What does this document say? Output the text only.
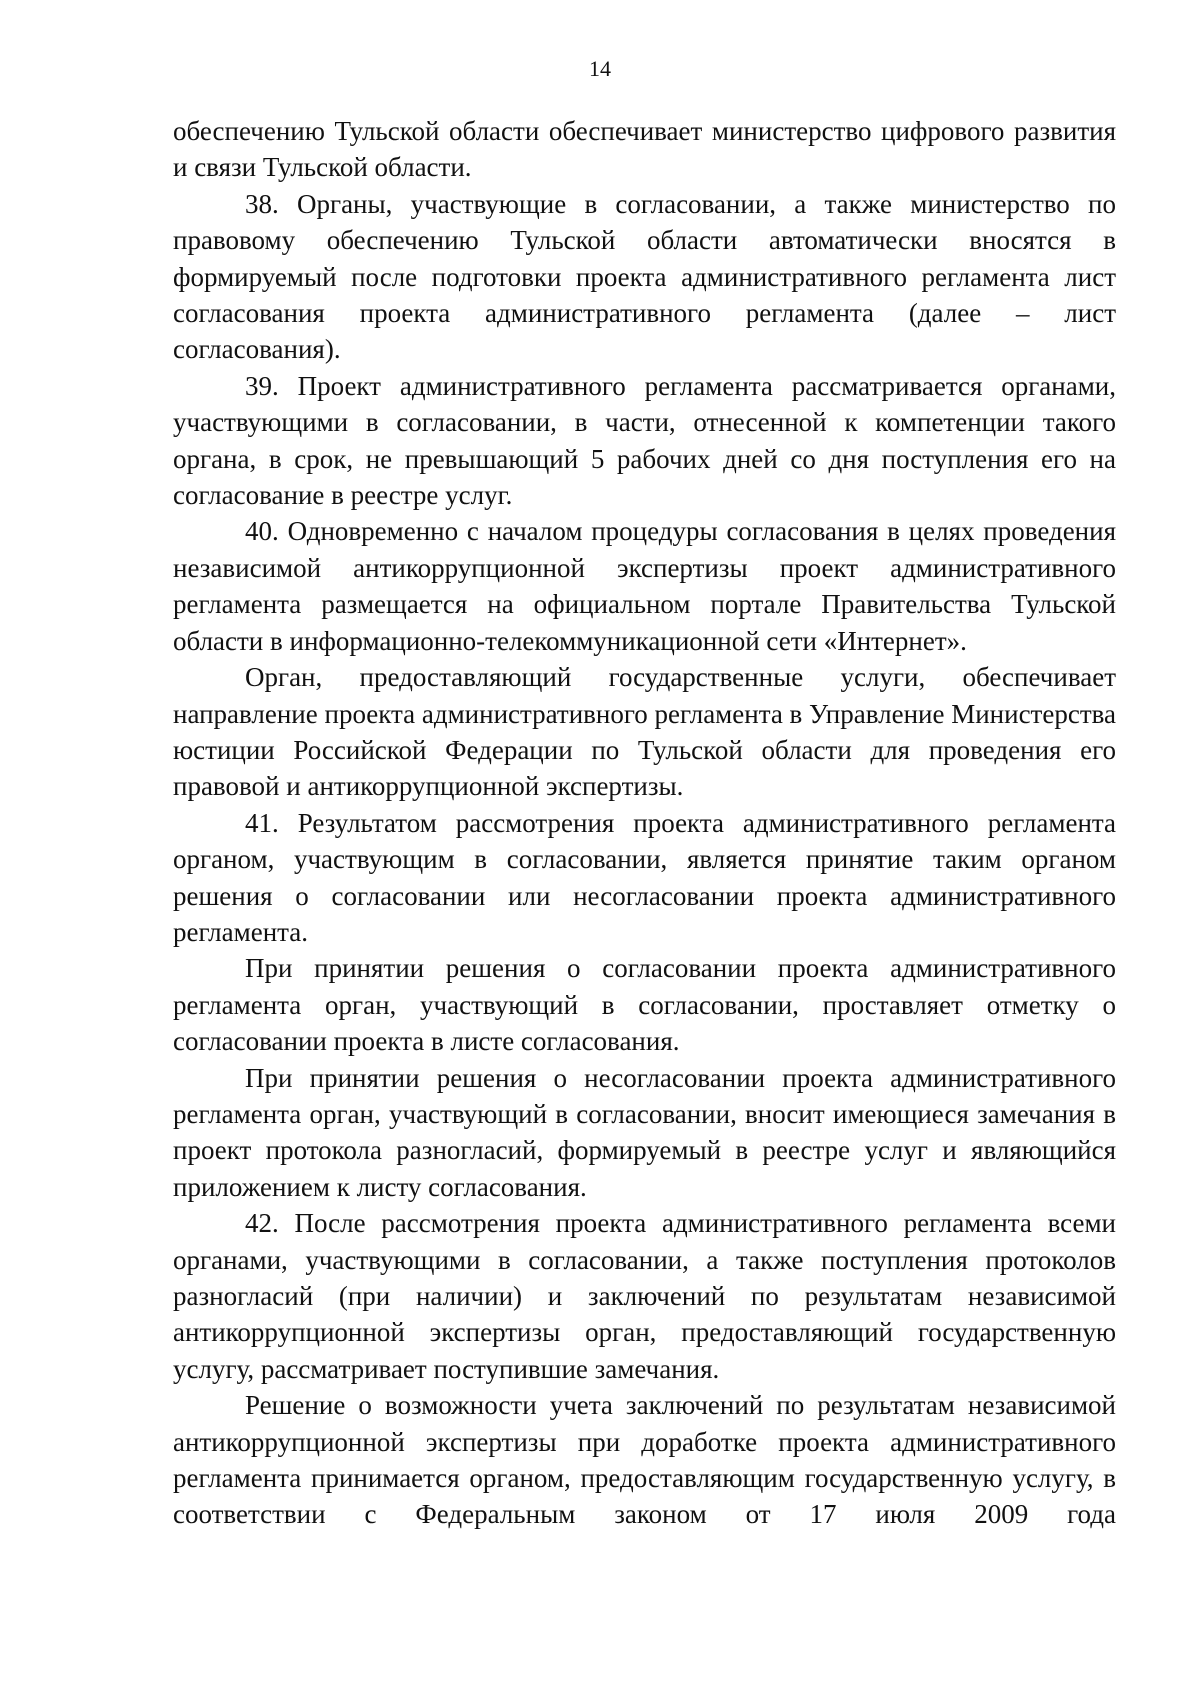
14

обеспечению Тульской области обеспечивает министерство цифрового развития и связи Тульской области.

38. Органы, участвующие в согласовании, а также министерство по правовому обеспечению Тульской области автоматически вносятся в формируемый после подготовки проекта административного регламента лист согласования проекта административного регламента (далее – лист согласования).

39. Проект административного регламента рассматривается органами, участвующими в согласовании, в части, отнесенной к компетенции такого органа, в срок, не превышающий 5 рабочих дней со дня поступления его на согласование в реестре услуг.

40. Одновременно с началом процедуры согласования в целях проведения независимой антикоррупционной экспертизы проект административного регламента размещается на официальном портале Правительства Тульской области в информационно-телекоммуникационной сети «Интернет».

Орган, предоставляющий государственные услуги, обеспечивает направление проекта административного регламента в Управление Министерства юстиции Российской Федерации по Тульской области для проведения его правовой и антикоррупционной экспертизы.

41. Результатом рассмотрения проекта административного регламента органом, участвующим в согласовании, является принятие таким органом решения о согласовании или несогласовании проекта административного регламента.

При принятии решения о согласовании проекта административного регламента орган, участвующий в согласовании, проставляет отметку о согласовании проекта в листе согласования.

При принятии решения о несогласовании проекта административного регламента орган, участвующий в согласовании, вносит имеющиеся замечания в проект протокола разногласий, формируемый в реестре услуг и являющийся приложением к листу согласования.

42. После рассмотрения проекта административного регламента всеми органами, участвующими в согласовании, а также поступления протоколов разногласий (при наличии) и заключений по результатам независимой антикоррупционной экспертизы орган, предоставляющий государственную услугу, рассматривает поступившие замечания.

Решение о возможности учета заключений по результатам независимой антикоррупционной экспертизы при доработке проекта административного регламента принимается органом, предоставляющим государственную услугу, в соответствии с Федеральным законом от 17 июля 2009 года
